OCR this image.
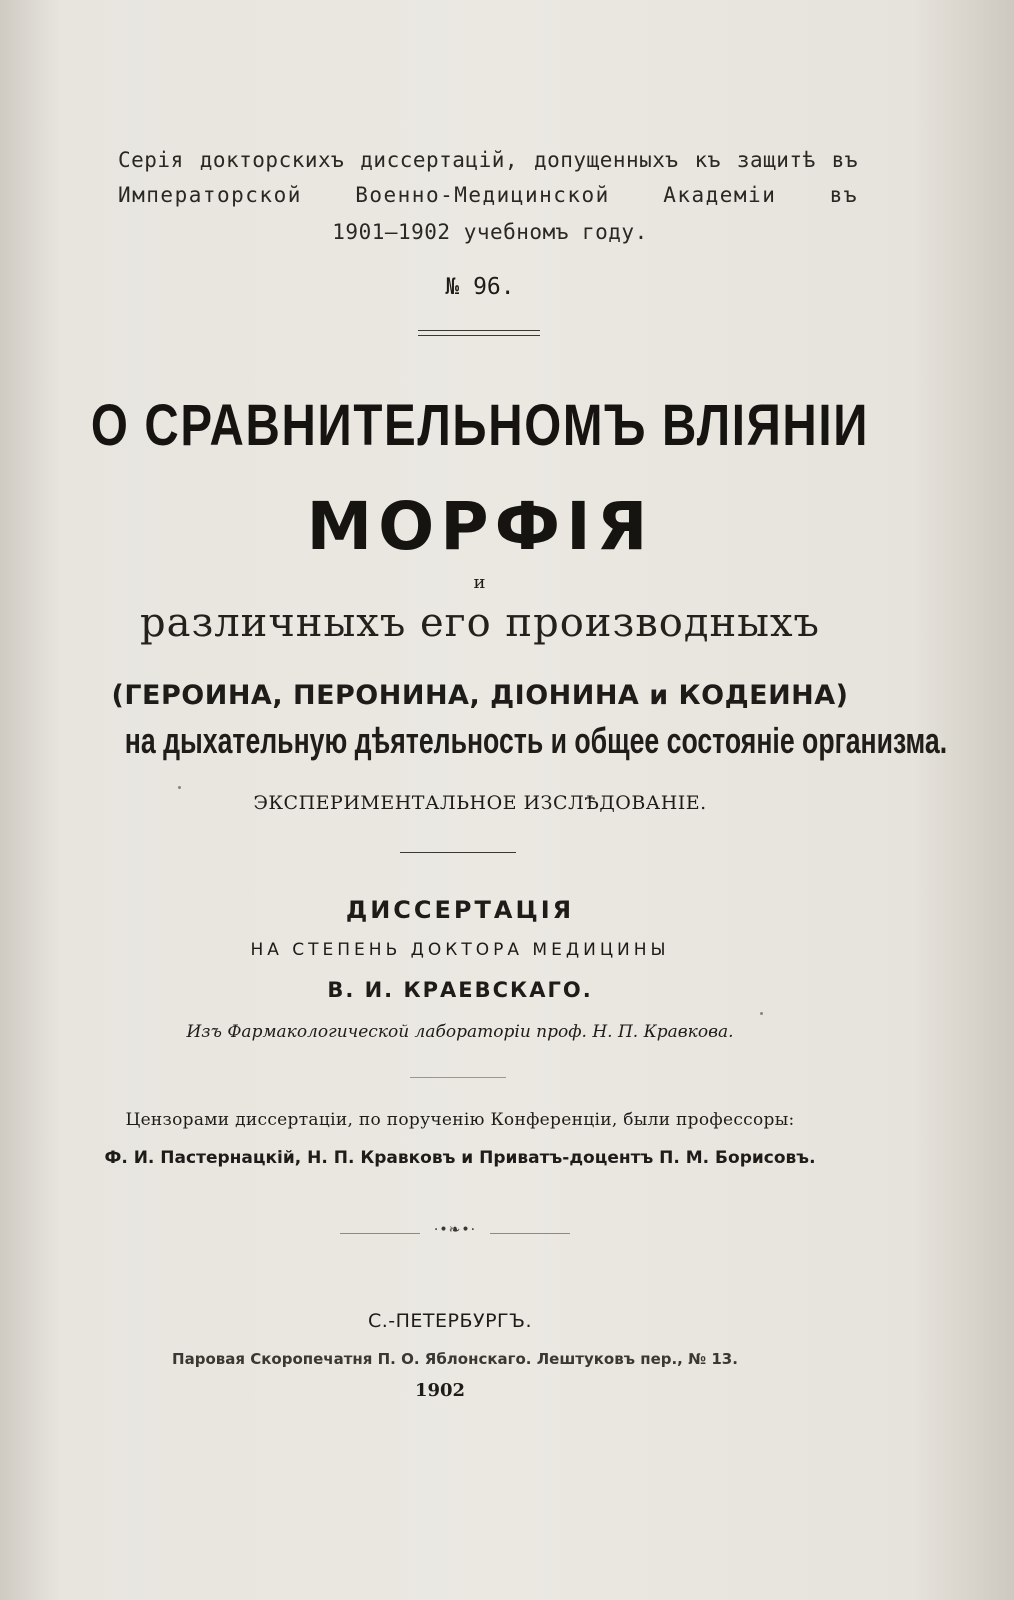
Серія докторскихъ диссертацій, допущенныхъ къ защитѣ въ
Императорской Военно-Медицинской Академіи въ
1901—1902 учебномъ году.
№ 96.
О СРАВНИТЕЛЬНОМЪ ВЛІЯНІИ
МОРФІЯ
и
различныхъ его производныхъ
(ГЕРОИНА, ПЕРОНИНА, ДІОНИНА и КОДЕИНА)
на дыхательную дѣятельность и общее состояніе организма.
ЭКСПЕРИМЕНТАЛЬНОЕ ИЗСЛѢДОВАНІЕ.
ДИССЕРТАЦІЯ
НА СТЕПЕНЬ ДОКТОРА МЕДИЦИНЫ
В. И. КРАЕВСКАГО.
Изъ Фармакологической лабораторіи проф. Н. П. Кравкова.
Цензорами диссертаціи, по порученію Конференціи, были профессоры:
Ф. И. Пастернацкій, Н. П. Кравковъ и Приватъ-доцентъ П. М. Борисовъ.
·•❧•·
С.-ПЕТЕРБУРГЪ.
Паровая Скоропечатня П. О. Яблонскаго. Лештуковъ пер., № 13.
1902
